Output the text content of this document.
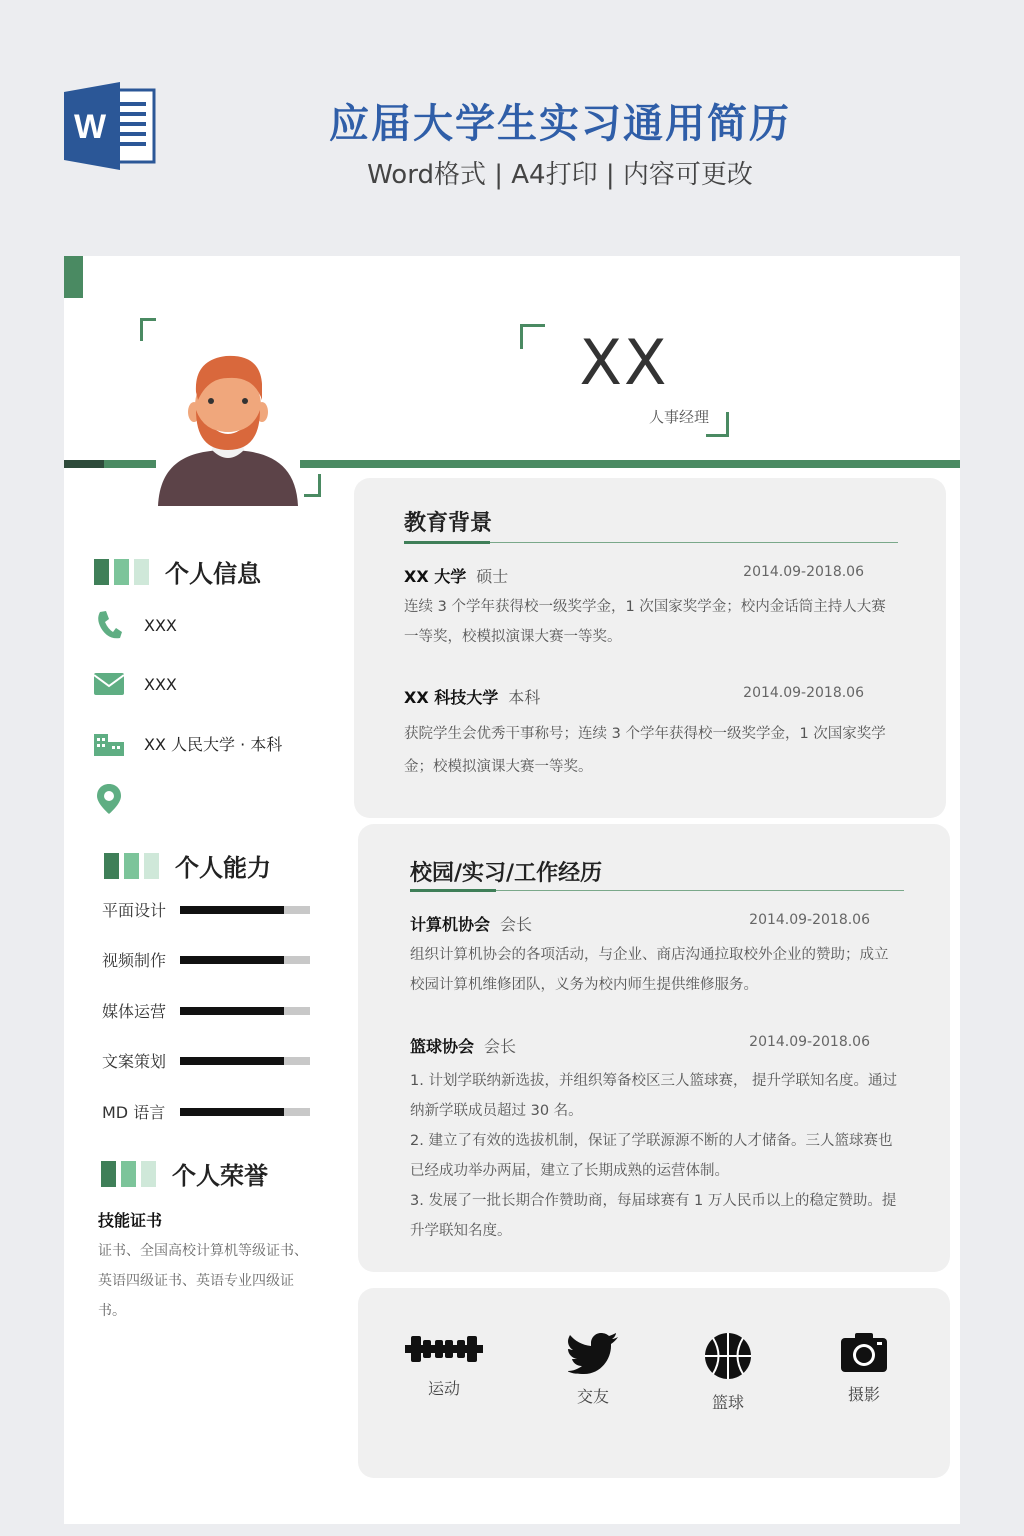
W	应届大学生实习通用简历
Word格式 | A4打印 | 内容可更改
XX
人事经理
个人信息
XXX
XXX
XX 人民大学 · 本科
个人能力
平面设计
视频制作
媒体运营
文案策划
MD 语言
个人荣誉
技能证书
证书、全国高校计算机等级证书、英语四级证书、英语专业四级证书。
教育背景
XX 大学 硕士	2014.09-2018.06
连续 3 个学年获得校一级奖学金，1 次国家奖学金；校内金话筒主持人大赛一等奖，校模拟演课大赛一等奖。
XX 科技大学 本科	2014.09-2018.06
获院学生会优秀干事称号；连续 3 个学年获得校一级奖学金，1 次国家奖学金；校模拟演课大赛一等奖。
校园/实习/工作经历
计算机协会 会长	2014.09-2018.06
组织计算机协会的各项活动，与企业、商店沟通拉取校外企业的赞助；成立校园计算机维修团队，义务为校内师生提供维修服务。
篮球协会 会长	2014.09-2018.06
1. 计划学联纳新选拔，并组织筹备校区三人篮球赛， 提升学联知名度。通过纳新学联成员超过 30 名。
2. 建立了有效的选拔机制，保证了学联源源不断的人才储备。三人篮球赛也已经成功举办两届，建立了长期成熟的运营体制。
3. 发展了一批长期合作赞助商，每届球赛有 1 万人民币以上的稳定赞助。提升学联知名度。
运动	交友	篮球	摄影
